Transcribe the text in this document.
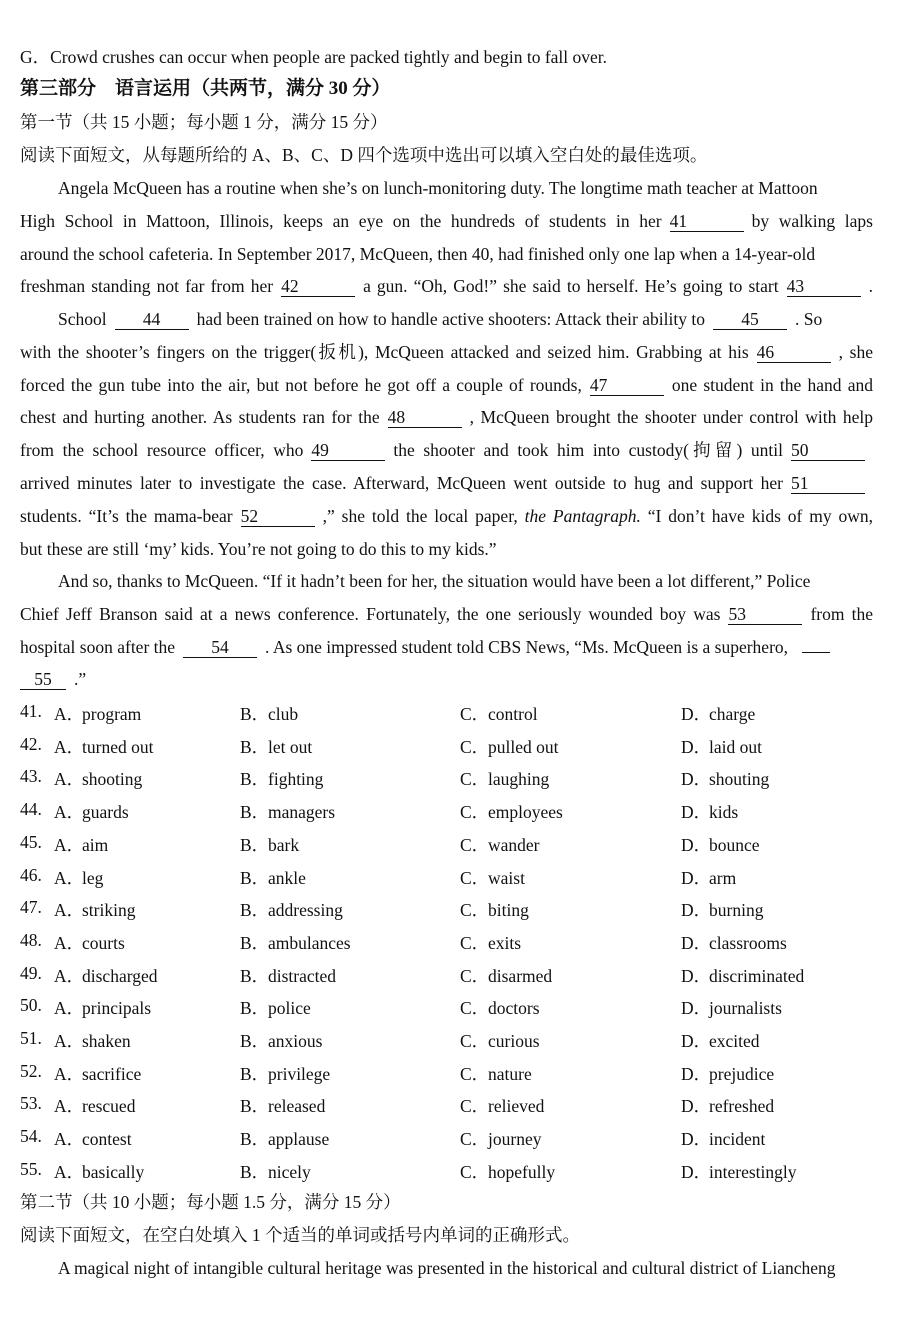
G．Crowd crushes can occur when people are packed tightly and begin to fall over.
第三部分　语言运用（共两节，满分 30 分）
第一节（共 15 小题；每小题 1 分，满分 15 分）
阅读下面短文，从每题所给的 A、B、C、D 四个选项中选出可以填入空白处的最佳选项。
Angela McQueen has a routine when she’s on lunch-monitoring duty. The longtime math teacher at Mattoon
High School in Mattoon, Illinois, keeps an eye on the hundreds of students in her 41	by walking laps
around the school cafeteria. In September 2017, McQueen, then 40, had finished only one lap when a 14-year-old
freshman standing not far from her 42	a gun. “Oh, God!” she said to herself. He’s going to start 43	.
School 44 had been trained on how to handle active shooters: Attack their ability to 45 . So
with the shooter’s fingers on the trigger(扳机), McQueen attacked and seized him. Grabbing at his 46	, she
forced the gun tube into the air, but not before he got off a couple of rounds, 47	one student in the hand and
chest and hurting another. As students ran for the 48	, McQueen brought the shooter under control with help
from the school resource officer, who 49	the shooter and took him into custody(拘留) until 50
arrived minutes later to investigate the case. Afterward, McQueen went outside to hug and support her 51
students. “It’s the mama-bear 52	,” she told the local paper, the Pantagraph. “I don’t have kids of my own,
but these are still ‘my’ kids. You’re not going to do this to my kids.”
And so, thanks to McQueen. “If it hadn’t been for her, the situation would have been a lot different,” Police
Chief Jeff Branson said at a news conference. Fortunately, the one seriously wounded boy was 53	from the
hospital soon after the 54 . As one impressed student told CBS News, “Ms. McQueen is a superhero,
55 .”
41. A．program	B．club	C．control	D．charge
42. A．turned out	B．let out	C．pulled out	D．laid out
43. A．shooting	B．fighting	C．laughing	D．shouting
44. A．guards	B．managers	C．employees	D．kids
45. A．aim	B．bark	C．wander	D．bounce
46. A．leg	B．ankle	C．waist	D．arm
47. A．striking	B．addressing	C．biting	D．burning
48. A．courts	B．ambulances	C．exits	D．classrooms
49. A．discharged	B．distracted	C．disarmed	D．discriminated
50. A．principals	B．police	C．doctors	D．journalists
51. A．shaken	B．anxious	C．curious	D．excited
52. A．sacrifice	B．privilege	C．nature	D．prejudice
53. A．rescued	B．released	C．relieved	D．refreshed
54. A．contest	B．applause	C．journey	D．incident
55. A．basically	B．nicely	C．hopefully	D．interestingly
第二节（共 10 小题；每小题 1.5 分，满分 15 分）
阅读下面短文，在空白处填入 1 个适当的单词或括号内单词的正确形式。
A magical night of intangible cultural heritage was presented in the historical and cultural district of Liancheng
